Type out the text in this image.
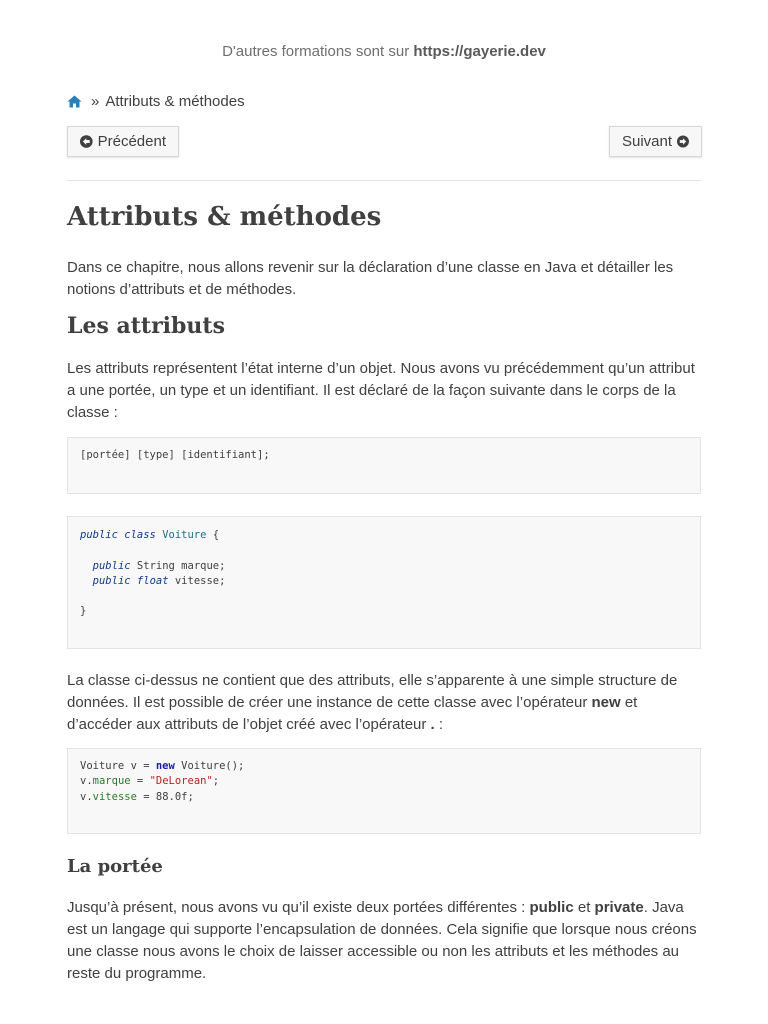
D'autres formations sont sur https://gayerie.dev
» Attributs & méthodes
Précédent	Suivant
Attributs & méthodes

Dans ce chapitre, nous allons revenir sur la déclaration d’une classe en Java et détailler les notions d’attributs et de méthodes.

Les attributs

Les attributs représentent l’état interne d’un objet. Nous avons vu précédemment qu’un attribut a une portée, un type et un identifiant. Il est déclaré de la façon suivante dans le corps de la classe :

[portée] [type] [identifiant];
public class Voiture {
public String marque;
public float vitesse;
}

La classe ci-dessus ne contient que des attributs, elle s’apparente à une simple structure de données. Il est possible de créer une instance de cette classe avec l’opérateur new et d’accéder aux attributs de l’objet créé avec l’opérateur . :

Voiture v = new Voiture();
v.marque = "DeLorean";
v.vitesse = 88.0f;
La portée

Jusqu’à présent, nous avons vu qu’il existe deux portées différentes : public et private. Java est un langage qui supporte l’encapsulation de données. Cela signifie que lorsque nous créons une classe nous avons le choix de laisser accessible ou non les attributs et les méthodes au reste du programme.
